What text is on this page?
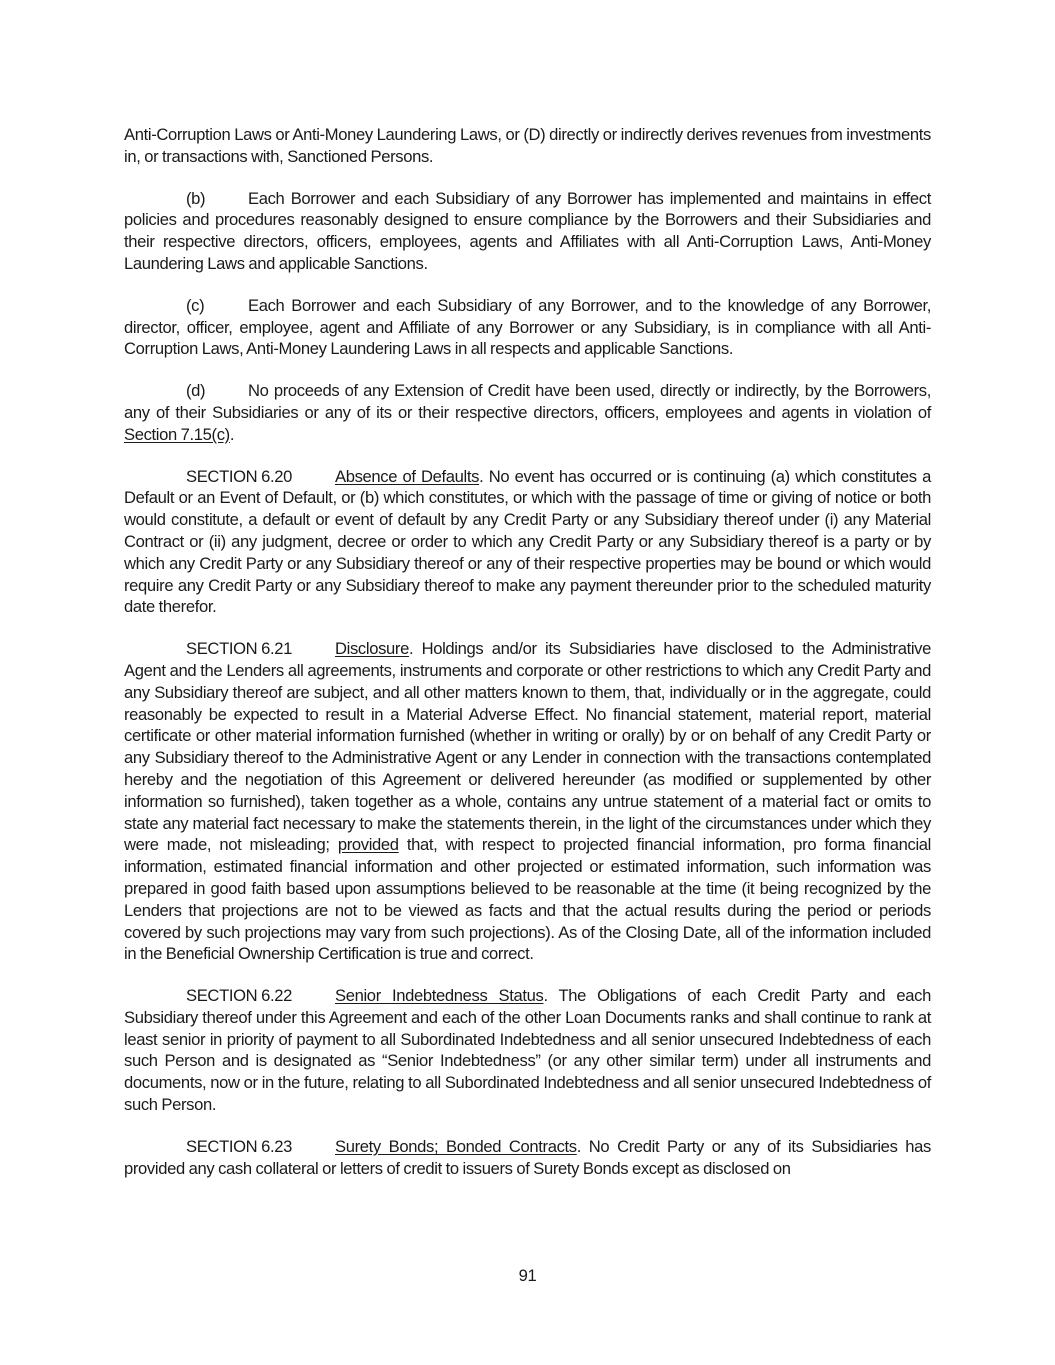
Anti-Corruption Laws or Anti-Money Laundering Laws, or (D) directly or indirectly derives revenues from investments in, or transactions with, Sanctioned Persons.

(b)	Each Borrower and each Subsidiary of any Borrower has implemented and maintains in effect policies and procedures reasonably designed to ensure compliance by the Borrowers and their Subsidiaries and their respective directors, officers, employees, agents and Affiliates with all Anti-Corruption Laws, Anti-Money Laundering Laws and applicable Sanctions.

(c)	Each Borrower and each Subsidiary of any Borrower, and to the knowledge of any Borrower, director, officer, employee, agent and Affiliate of any Borrower or any Subsidiary, is in compliance with all Anti-Corruption Laws, Anti-Money Laundering Laws in all respects and applicable Sanctions.

(d)	No proceeds of any Extension of Credit have been used, directly or indirectly, by the Borrowers, any of their Subsidiaries or any of its or their respective directors, officers, employees and agents in violation of Section 7.15(c).

SECTION 6.20	Absence of Defaults. No event has occurred or is continuing (a) which constitutes a Default or an Event of Default, or (b) which constitutes, or which with the passage of time or giving of notice or both would constitute, a default or event of default by any Credit Party or any Subsidiary thereof under (i) any Material Contract or (ii) any judgment, decree or order to which any Credit Party or any Subsidiary thereof is a party or by which any Credit Party or any Subsidiary thereof or any of their respective properties may be bound or which would require any Credit Party or any Subsidiary thereof to make any payment thereunder prior to the scheduled maturity date therefor.

SECTION 6.21	Disclosure. Holdings and/or its Subsidiaries have disclosed to the Administrative Agent and the Lenders all agreements, instruments and corporate or other restrictions to which any Credit Party and any Subsidiary thereof are subject, and all other matters known to them, that, individually or in the aggregate, could reasonably be expected to result in a Material Adverse Effect. No financial statement, material report, material certificate or other material information furnished (whether in writing or orally) by or on behalf of any Credit Party or any Subsidiary thereof to the Administrative Agent or any Lender in connection with the transactions contemplated hereby and the negotiation of this Agreement or delivered hereunder (as modified or supplemented by other information so furnished), taken together as a whole, contains any untrue statement of a material fact or omits to state any material fact necessary to make the statements therein, in the light of the circumstances under which they were made, not misleading; provided that, with respect to projected financial information, pro forma financial information, estimated financial information and other projected or estimated information, such information was prepared in good faith based upon assumptions believed to be reasonable at the time (it being recognized by the Lenders that projections are not to be viewed as facts and that the actual results during the period or periods covered by such projections may vary from such projections). As of the Closing Date, all of the information included in the Beneficial Ownership Certification is true and correct.

SECTION 6.22	Senior Indebtedness Status. The Obligations of each Credit Party and each Subsidiary thereof under this Agreement and each of the other Loan Documents ranks and shall continue to rank at least senior in priority of payment to all Subordinated Indebtedness and all senior unsecured Indebtedness of each such Person and is designated as “Senior Indebtedness” (or any other similar term) under all instruments and documents, now or in the future, relating to all Subordinated Indebtedness and all senior unsecured Indebtedness of such Person.

SECTION 6.23	Surety Bonds; Bonded Contracts. No Credit Party or any of its Subsidiaries has provided any cash collateral or letters of credit to issuers of Surety Bonds except as disclosed on

91
